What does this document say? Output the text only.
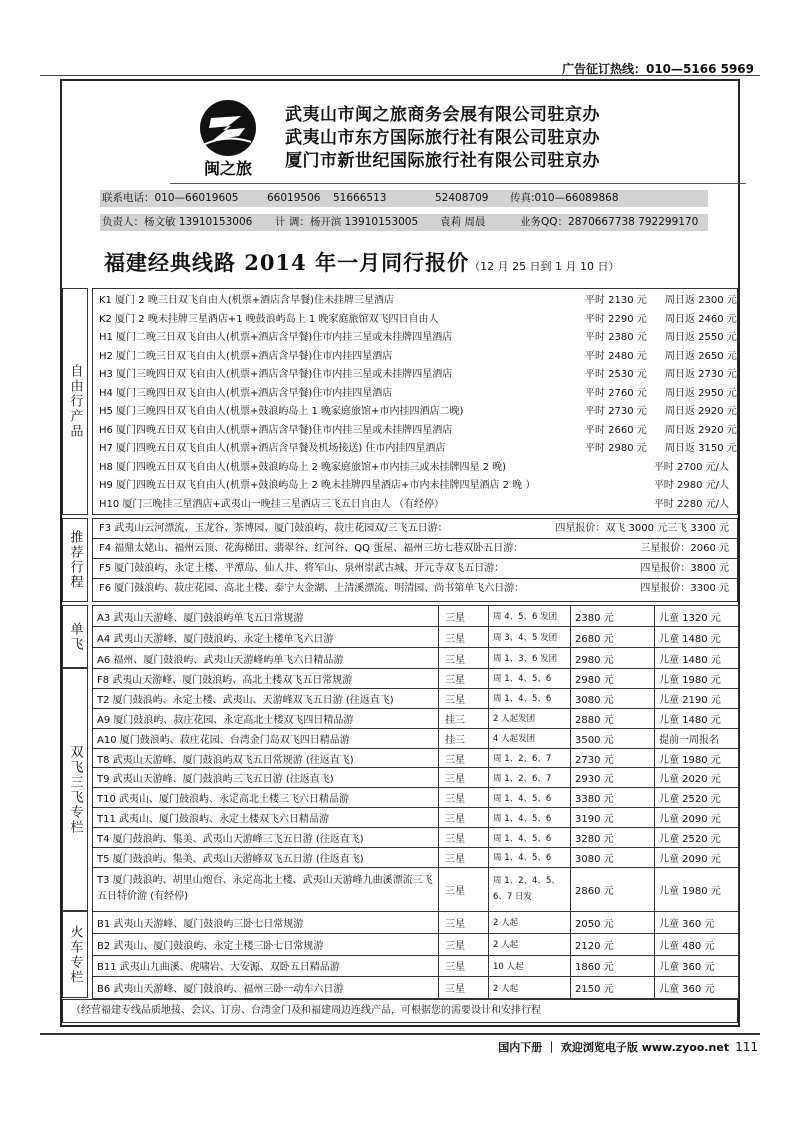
广告征订热线：010—5166 5969
闽之旅
武夷山市闽之旅商务会展有限公司驻京办
武夷山市东方国际旅行社有限公司驻京办
厦门市新世纪国际旅行社有限公司驻京办
联系电话：010—66019605	66019506 51666513	52408709 传真:010—66089868
负责人：杨文敏 13910153006 计 调：杨开滨 13910153005 袁莉 周晨	业务QQ：2870667738 792299170
福建经典线路 2014 年一月同行报价（12 月 25 日到 1 月 10 日）
自由行产品
K1 厦门 2 晚三日双飞自由人(机票+酒店含早餐)住未挂牌三星酒店	平时 2130 元 周日返 2300 元
K2 厦门 2 晚未挂牌三星酒店+1 晚鼓浪屿岛上 1 晚家庭旅馆双飞四日自由人	平时 2290 元 周日返 2460 元
H1 厦门二晚三日双飞自由人(机票+酒店含早餐)住市内挂三星或未挂牌四星酒店	平时 2380 元 周日返 2550 元
H2 厦门二晚三日双飞自由人(机票+酒店含早餐)住市内挂四星酒店	平时 2480 元 周日返 2650 元
H3 厦门三晚四日双飞自由人(机票+酒店含早餐)住市内挂三星或未挂牌四星酒店	平时 2530 元 周日返 2730 元
H4 厦门三晚四日双飞自由人(机票+酒店含早餐)住市内挂四星酒店	平时 2760 元 周日返 2950 元
H5 厦门三晚四日双飞自由人(机票+鼓浪屿岛上 1 晚家庭旅馆+市内挂四酒店二晚)	平时 2730 元 周日返 2920 元
H6 厦门四晚五日双飞自由人(机票+酒店含早餐)住市内挂三星或未挂牌四星酒店	平时 2660 元 周日返 2920 元
H7 厦门四晚五日双飞自由人(机票+酒店含早餐及机场接送) 住市内挂四星酒店	平时 2980 元 周日返 3150 元
H8 厦门四晚五日双飞自由人(机票+鼓浪屿岛上 2 晚家庭旅馆+市内挂三或未挂牌四星 2 晚)	平时 2700 元/人
H9 厦门四晚五日双飞自由人(机票+鼓浪屿岛上 2 晚未挂牌四星酒店+市内未挂牌四星酒店 2 晚 ）	平时 2980 元/人
H10 厦门三晚挂三星酒店+武夷山一晚挂三星酒店三飞五日自由人 （有经停）	平时 2280 元/人
推荐行程
F3 武夷山云河漂流、玉龙谷、茶博园、厦门鼓浪屿、菽庄花园双/三飞五日游：	四星报价：双飞 3000 元三飞 3300 元
F4 福鼎太姥山、福州云顶、花海梯田、翡翠谷、红河谷、QQ 蛋屋、福州三坊七巷双卧五日游：	三星报价：2060 元
F5 厦门鼓浪屿、永定土楼、平潭岛、仙人井、将军山、泉州崇武古城、开元寺双飞五日游：	四星报价：3800 元
F6 厦门鼓浪屿、菽庄花园、高北土楼、泰宁大金湖、上清溪漂流、明清园、尚书第单飞六日游：	四星报价：3300 元
单飞
A3 武夷山天游峰、厦门鼓浪屿单飞五日常规游	三星	周 4、5、6 发团	2380 元	儿童 1320 元
A4 武夷山天游峰、厦门鼓浪屿、永定土楼单飞六日游	三星	周 3、4、5 发团	2680 元	儿童 1480 元
A6 福州、厦门鼓浪屿、武夷山天游峰屿单飞六日精品游	三星	周 1、3、6 发团	2980 元	儿童 1480 元
双飞三飞专栏
F8 武夷山天游峰、厦门鼓浪屿、高北土楼双飞五日常规游	三星	周 1、4、5、6	2980 元	儿童 1980 元
T2 厦门鼓浪屿、永定土楼、武夷山、天游峰双飞五日游 (往返直飞)	三星	周 1、4、5、6	3080 元	儿童 2190 元
A9 厦门鼓浪屿、菽庄花园、永定高北土楼双飞四日精品游	挂三	2 人起发团	2880 元	儿童 1480 元
A10 厦门鼓浪屿、菽庄花园、台湾金门岛双飞四日精品游	挂三	4 人起发团	3500 元	提前一周报名
T8 武夷山天游峰、厦门鼓浪屿双飞五日常规游 (往返直飞)	三星	周 1、2、6、7	2730 元	儿童 1980 元
T9 武夷山天游峰、厦门鼓浪屿三飞五日游 (往返直飞)	三星	周 1、2、6、7	2930 元	儿童 2020 元
T10 武夷山、厦门鼓浪屿、永定高北土楼三飞六日精品游	三星	周 1、4、5、6	3380 元	儿童 2520 元
T11 武夷山、厦门鼓浪屿、永定土楼双飞六日精品游	三星	周 1、4、5、6	3190 元	儿童 2090 元
T4 厦门鼓浪屿、集美、武夷山天游峰三飞五日游 (往返直飞)	三星	周 1、4、5、6	3280 元	儿童 2520 元
T5 厦门鼓浪屿、集美、武夷山天游峰双飞五日游 (往返直飞)	三星	周 1、4、5、6	3080 元	儿童 2090 元
T3 厦门鼓浪屿、胡里山炮台、永定高北土楼、武夷山天游峰九曲溪漂流三飞五日特价游 (有经停)	三星	周 1、2、4、5、6、7 日发	2860 元	儿童 1980 元
火车专栏
B1 武夷山天游峰、厦门鼓浪屿三卧七日常规游	三星	2 人起	2050 元	儿童 360 元
B2 武夷山、厦门鼓浪屿、永定土楼三卧七日常规游	三星	2 人起	2120 元	儿童 480 元
B11 武夷山九曲溪、虎啸岩、大安源、双卧五日精品游	三星	10 人起	1860 元	儿童 360 元
B6 武夷山天游峰、厦门鼓浪屿、福州三卧一动车六日游	三星	2 人起	2150 元	儿童 360 元
（经营福建专线品质地接、会议、订房、台湾金门及和福建周边连线产品，可根据您的需要设计和安排行程
国内下册 ｜ 欢迎浏览电子版 www.zyoo.net 111
